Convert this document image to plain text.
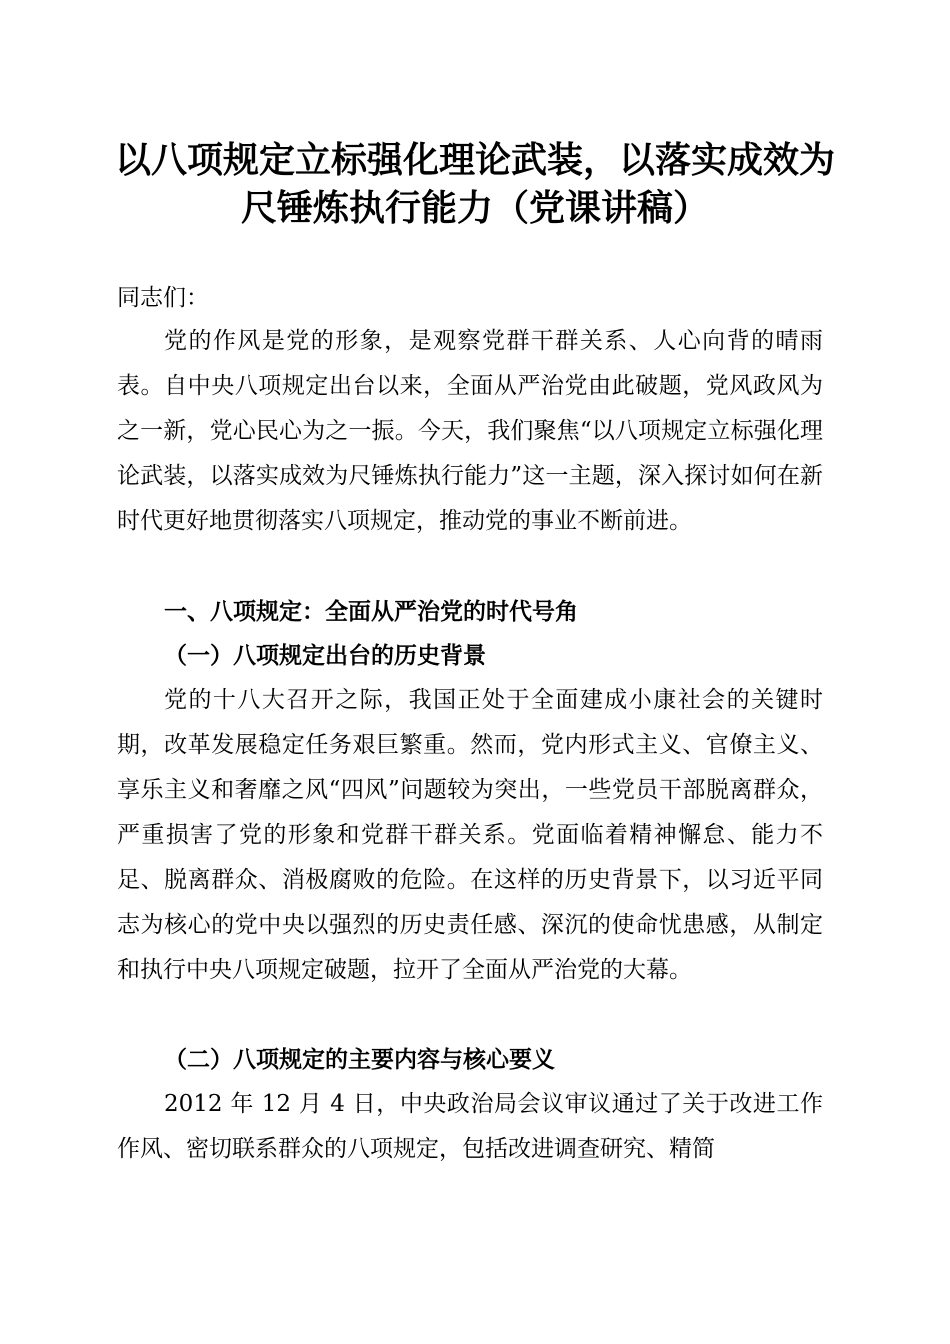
以八项规定立标强化理论武装，以落实成效为
尺锤炼执行能力（党课讲稿）

同志们：

党的作风是党的形象，是观察党群干群关系、人心向背的晴雨表。自中央八项规定出台以来，全面从严治党由此破题，党风政风为之一新，党心民心为之一振。今天，我们聚焦“以八项规定立标强化理论武装，以落实成效为尺锤炼执行能力”这一主题，深入探讨如何在新时代更好地贯彻落实八项规定，推动党的事业不断前进。

一、八项规定：全面从严治党的时代号角
（一）八项规定出台的历史背景

党的十八大召开之际，我国正处于全面建成小康社会的关键时期，改革发展稳定任务艰巨繁重。然而，党内形式主义、官僚主义、享乐主义和奢靡之风“四风”问题较为突出，一些党员干部脱离群众，严重损害了党的形象和党群干群关系。党面临着精神懈怠、能力不足、脱离群众、消极腐败的危险。在这样的历史背景下，以习近平同志为核心的党中央以强烈的历史责任感、深沉的使命忧患感，从制定和执行中央八项规定破题，拉开了全面从严治党的大幕。

（二）八项规定的主要内容与核心要义

2012 年 12 月 4 日，中央政治局会议审议通过了关于改进工作作风、密切联系群众的八项规定，包括改进调查研究、精简
